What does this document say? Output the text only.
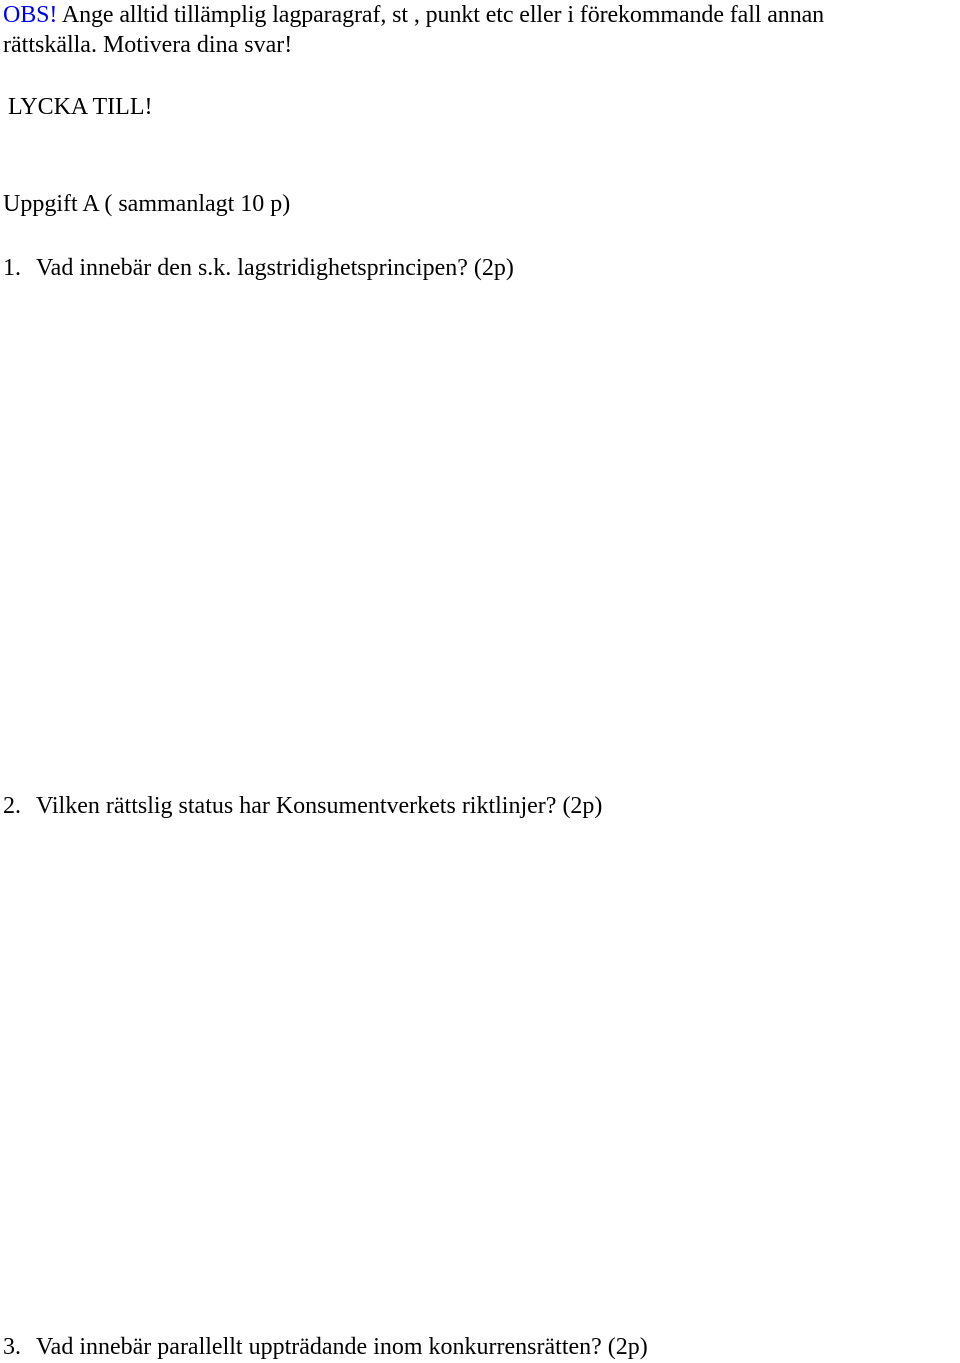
OBS! Ange alltid tillämplig lagparagraf, st , punkt etc eller i förekommande fall annan

rättskälla. Motivera dina svar!

LYCKA TILL!

Uppgift A ( sammanlagt 10 p)

1. Vad innebär den s.k. lagstridighetsprincipen? (2p)

2. Vilken rättslig status har Konsumentverkets riktlinjer? (2p)

3. Vad innebär parallellt uppträdande inom konkurrensrätten? (2p)
